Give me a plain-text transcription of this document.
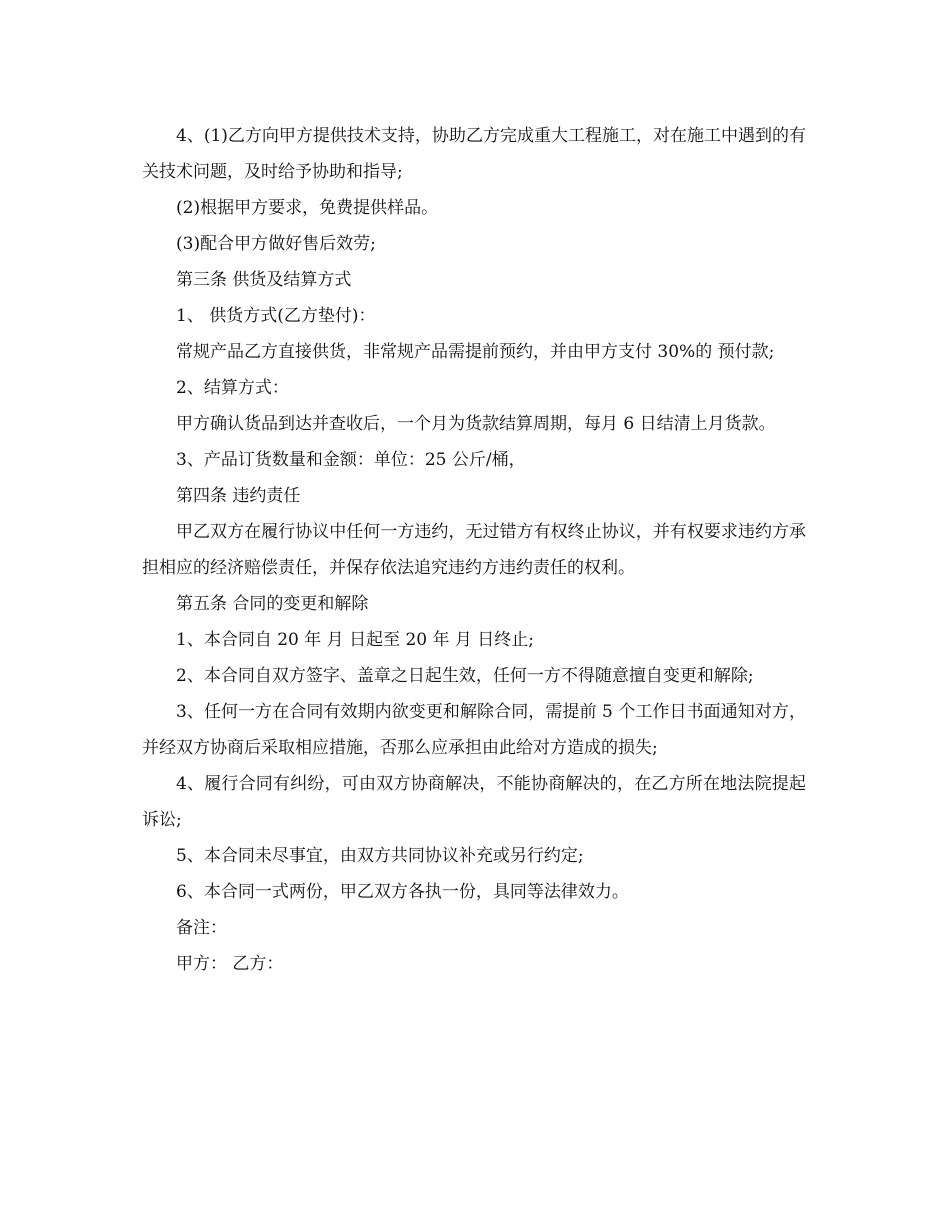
4、(1)乙方向甲方提供技术支持，协助乙方完成重大工程施工，对在施工中遇到的有关技术问题，及时给予协助和指导;

(2)根据甲方要求，免费提供样品。

(3)配合甲方做好售后效劳;

第三条 供货及结算方式

1、 供货方式(乙方垫付)：

常规产品乙方直接供货，非常规产品需提前预约，并由甲方支付 30%的 预付款;

2、结算方式：

甲方确认货品到达并查收后，一个月为货款结算周期，每月 6 日结清上月货款。

3、产品订货数量和金额：单位：25 公斤/桶，

第四条 违约责任

甲乙双方在履行协议中任何一方违约，无过错方有权终止协议，并有权要求违约方承担相应的经济赔偿责任，并保存依法追究违约方违约责任的权利。

第五条 合同的变更和解除

1、本合同自 20 年 月 日起至 20 年 月 日终止;

2、本合同自双方签字、盖章之日起生效，任何一方不得随意擅自变更和解除;

3、任何一方在合同有效期内欲变更和解除合同，需提前 5 个工作日书面通知对方，并经双方协商后采取相应措施，否那么应承担由此给对方造成的损失;

4、履行合同有纠纷，可由双方协商解决，不能协商解决的，在乙方所在地法院提起诉讼;

5、本合同未尽事宜，由双方共同协议补充或另行约定;

6、本合同一式两份，甲乙双方各执一份，具同等法律效力。

备注：

甲方： 乙方：
